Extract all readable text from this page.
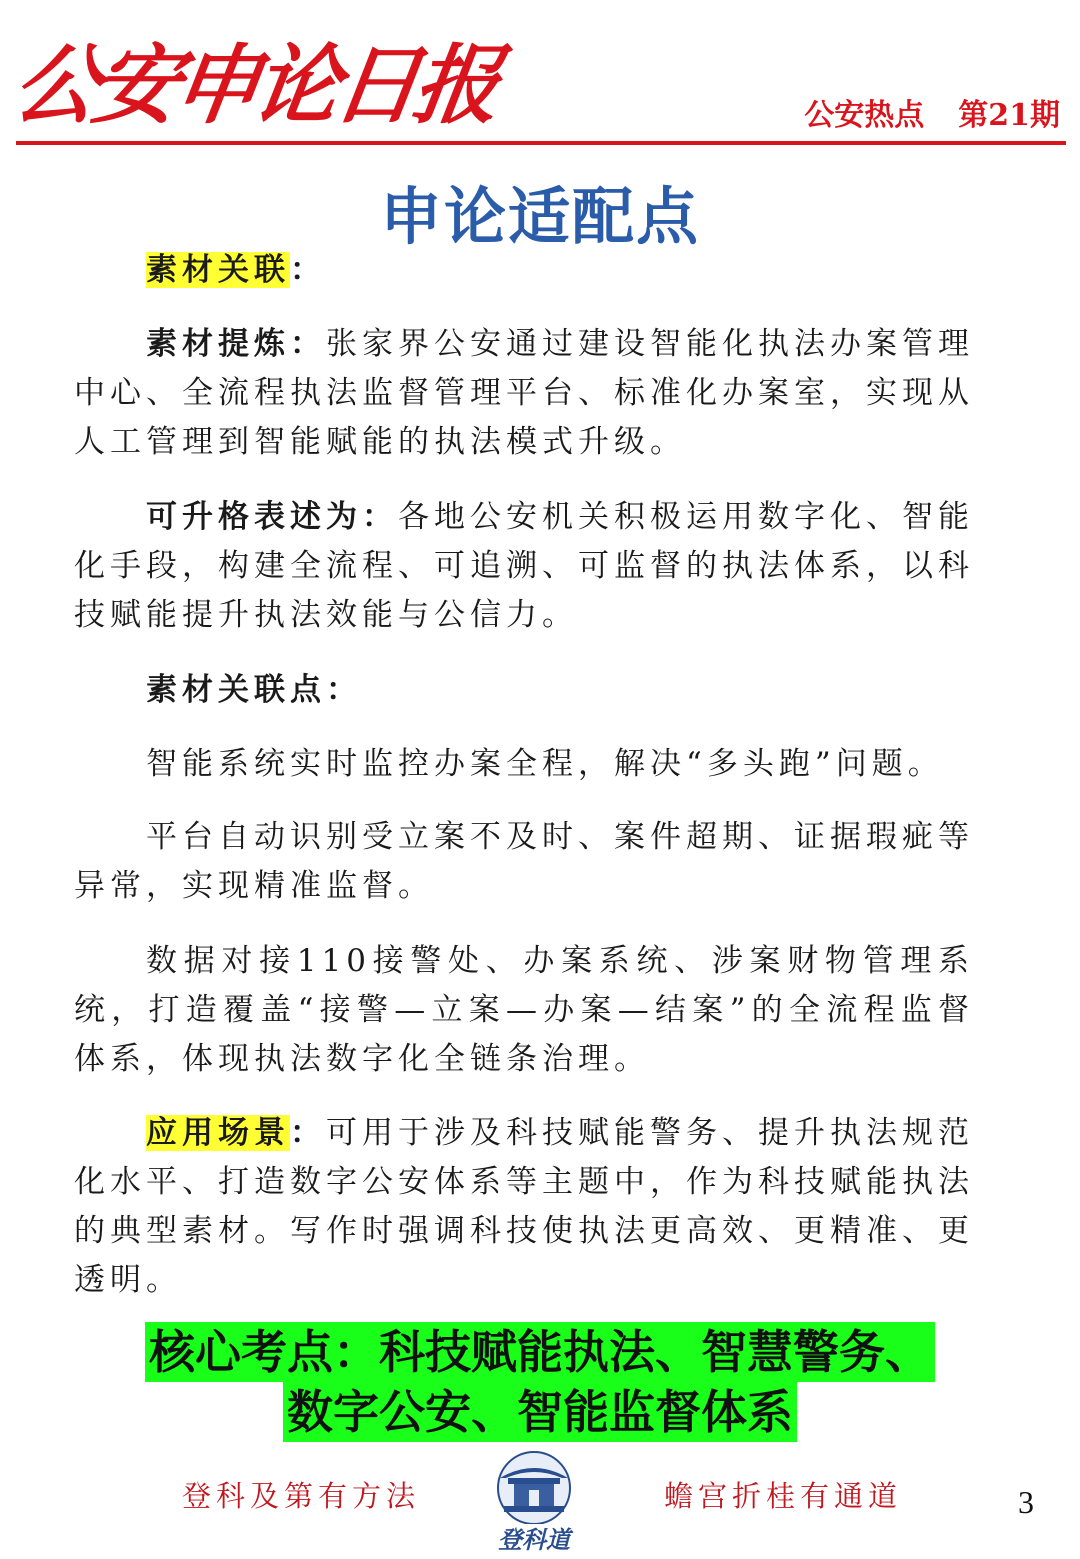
公安申论日报	公安热点 第21期
申论适配点

素材关联：

素材提炼：张家界公安通过建设智能化执法办案管理中心、全流程执法监督管理平台、标准化办案室，实现从人工管理到智能赋能的执法模式升级。

可升格表述为：各地公安机关积极运用数字化、智能化手段，构建全流程、可追溯、可监督的执法体系，以科技赋能提升执法效能与公信力。

素材关联点：

智能系统实时监控办案全程，解决“多头跑”问题。

平台自动识别受立案不及时、案件超期、证据瑕疵等异常，实现精准监督。

数据对接110接警处、办案系统、涉案财物管理系统，打造覆盖“接警—立案—办案—结案”的全流程监督体系，体现执法数字化全链条治理。

应用场景：可用于涉及科技赋能警务、提升执法规范化水平、打造数字公安体系等主题中，作为科技赋能执法的典型素材。写作时强调科技使执法更高效、更精准、更透明。

核心考点：科技赋能执法、智慧警务、
数字公安、智能监督体系
登科及第有方法
登科道
蟾宫折桂有通道	3
